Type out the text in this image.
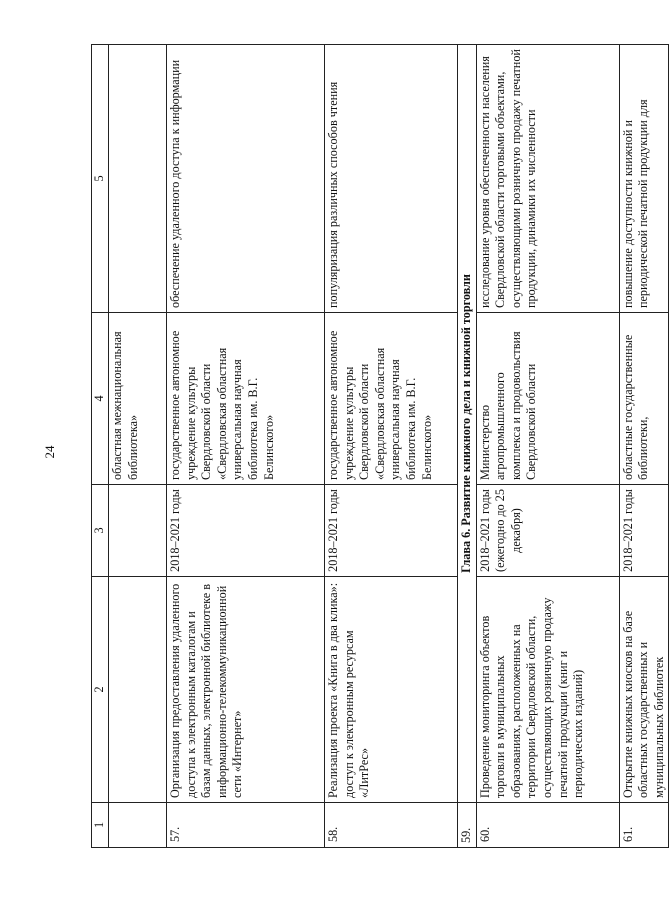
24
1	2	3	4	5
			областная межнациональная библиотека»	
57.	Организация предоставления удаленного доступа к электронным каталогам и базам данных, электронной библиотеке в информационно-телекоммуникационной сети «Интернет»	2018–2021 годы	государственное автономное учреждение культуры Свердловской области «Свердловская областная универсальная научная библиотека им. В.Г. Белинского»	обеспечение удаленного доступа к информации
58.	Реализация проекта «Книга в два клика»: доступ к электронным ресурсам «ЛитРес»	2018–2021 годы	государственное автономное учреждение культуры Свердловской области «Свердловская областная универсальная научная библиотека им. В.Г. Белинского»	популяризация различных способов чтения
59.	Глава 6. Развитие книжного дела и книжной торговли			
60.	Проведение мониторинга объектов торговли в муниципальных образованиях, расположенных на территории Свердловской области, осуществляющих розничную продажу печатной продукции (книг и периодических изданий)	2018–2021 годы (ежегодно до 25 декабря)	Министерство агропромышленного комплекса и продовольствия Свердловской области	исследование уровня обеспеченности населения Свердловской области торговыми объектами, осуществляющими розничную продажу печатной продукции, динамики их численности
61.	Открытие книжных киосков на базе областных государственных и муниципальных библиотек	2018–2021 годы	областные государственные библиотеки,	повышение доступности книжной и периодической печатной продукции для
